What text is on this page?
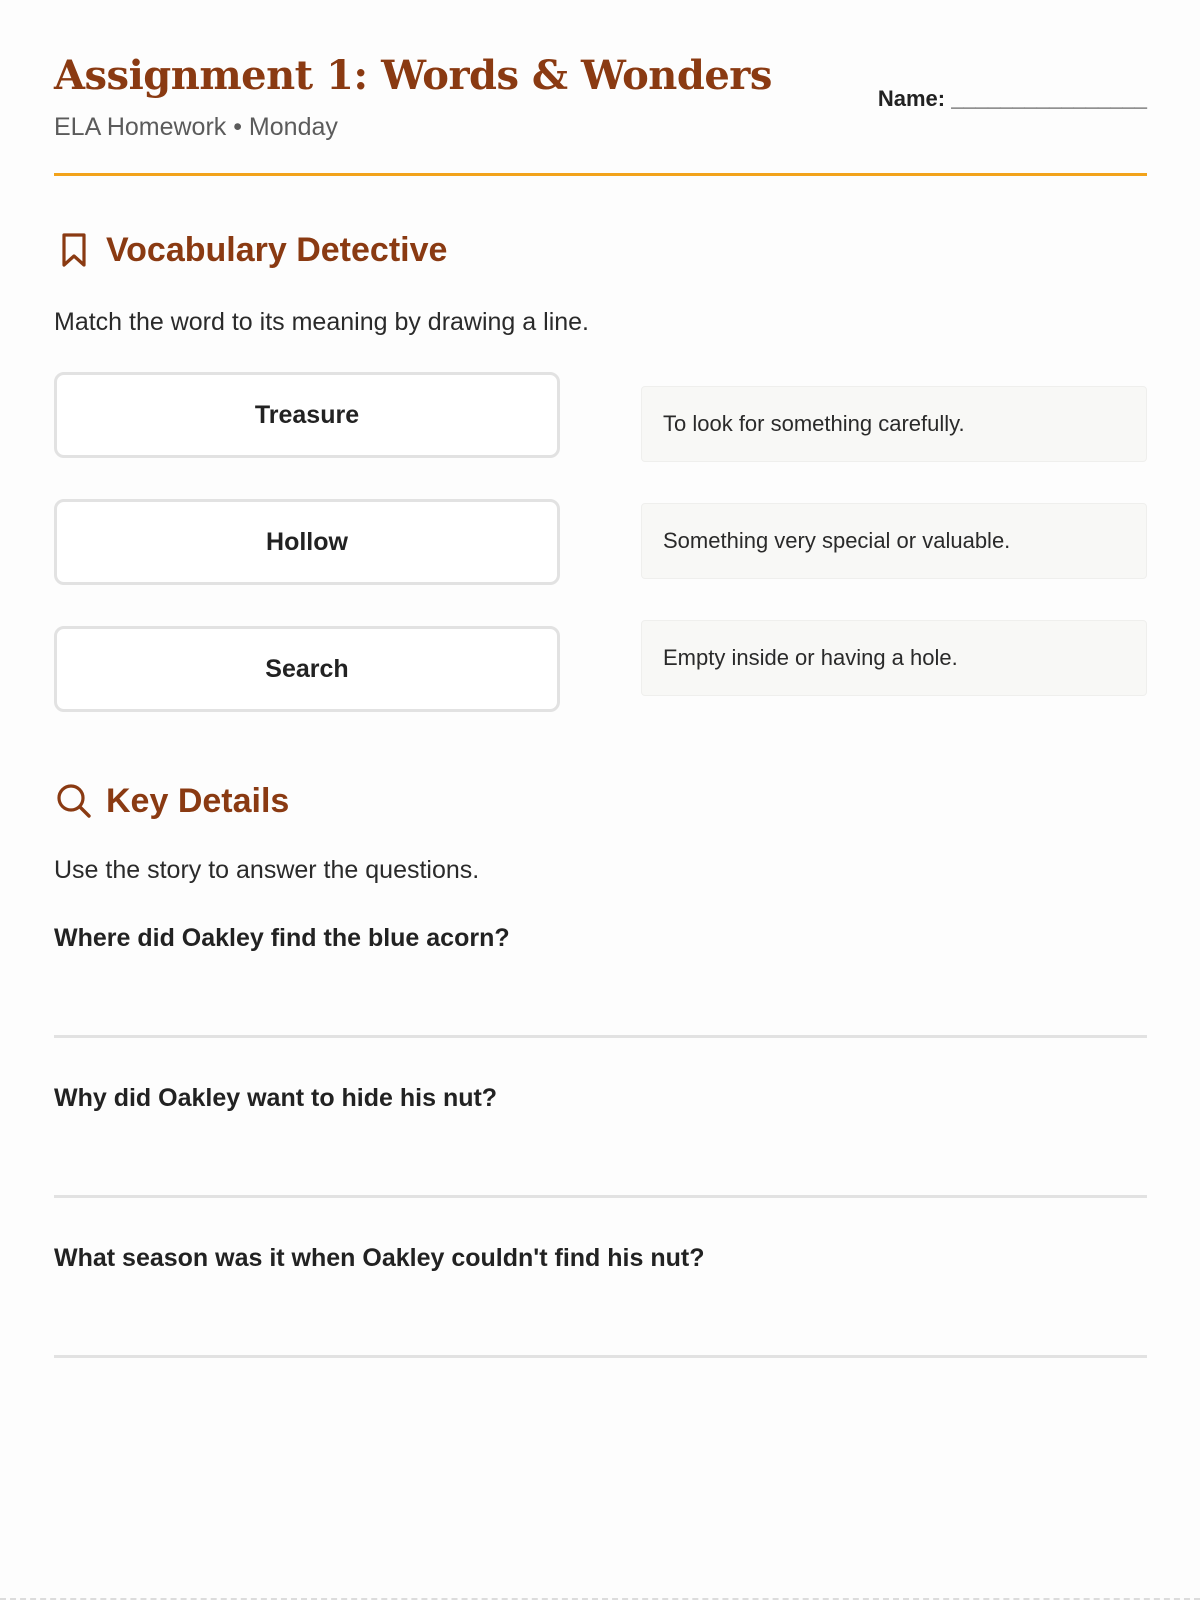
Assignment 1: Words & Wonders
ELA Homework • Monday
Name: ________________
Vocabulary Detective
Match the word to its meaning by drawing a line.
Treasure
Hollow
Search
To look for something carefully.
Something very special or valuable.
Empty inside or having a hole.
Key Details
Use the story to answer the questions.
Where did Oakley find the blue acorn?
Why did Oakley want to hide his nut?
What season was it when Oakley couldn't find his nut?
